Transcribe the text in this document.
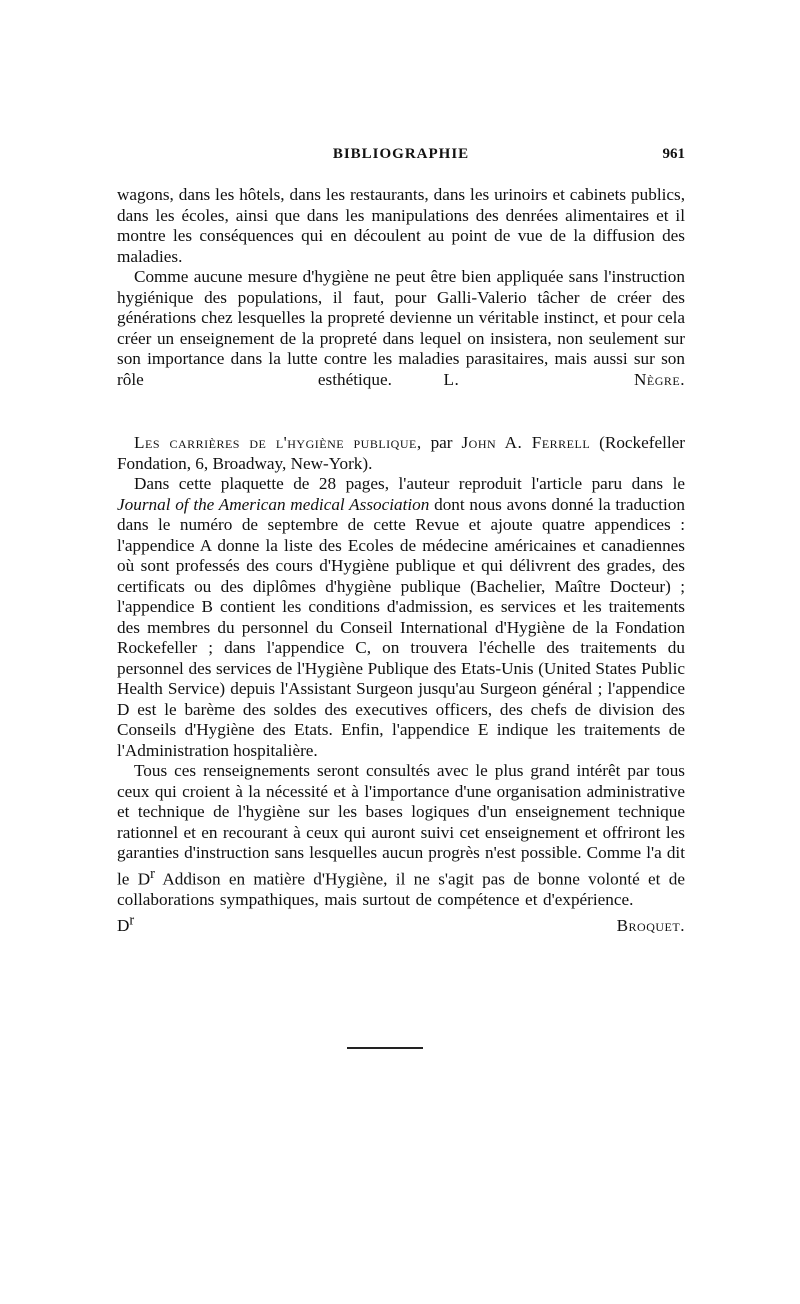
BIBLIOGRAPHIE	961

wagons, dans les hôtels, dans les restaurants, dans les urinoirs et cabinets publics, dans les écoles, ainsi que dans les manipulations des denrées alimentaires et il montre les conséquences qui en découlent au point de vue de la diffusion des maladies.

Comme aucune mesure d'hygiène ne peut être bien appliquée sans l'instruction hygiénique des populations, il faut, pour Galli-Valerio tâcher de créer des générations chez lesquelles la propreté devienne un véritable instinct, et pour cela créer un enseignement de la propreté dans lequel on insistera, non seulement sur son importance dans la lutte contre les maladies parasitaires, mais aussi sur son rôle esthétique.   	L. Nègre.

Les carrières de l'hygiène publique, par John A. Ferrell (Rockefeller Fondation, 6, Broadway, New-York).

Dans cette plaquette de 28 pages, l'auteur reproduit l'article paru dans le Journal of the American medical Association dont nous avons donné la traduction dans le numéro de septembre de cette Revue et ajoute quatre appendices : l'appendice A donne la liste des Ecoles de médecine américaines et canadiennes où sont professés des cours d'Hygiène publique et qui délivrent des grades, des certificats ou des diplômes d'hygiène publique (Bachelier, Maître Docteur) ; l'appendice B contient les conditions d'admission, es services et les traitements des membres du personnel du Conseil International d'Hygiène de la Fondation Rockefeller ; dans l'appendice C, on trouvera l'échelle des traitements du personnel des services de l'Hygiène Publique des Etats-Unis (United States Public Health Service) depuis l'Assistant Surgeon jusqu'au Surgeon général ; l'appendice D est le barème des soldes des executives officers, des chefs de division des Conseils d'Hygiène des Etats. Enfin, l'appendice E indique les traitements de l'Administration hospitalière.

Tous ces renseignements seront consultés avec le plus grand intérêt par tous ceux qui croient à la nécessité et à l'importance d'une organisation administrative et technique de l'hygiène sur les bases logiques d'un enseignement technique rationnel et en recourant à ceux qui auront suivi cet enseignement et offriront les garanties d'instruction sans lesquelles aucun progrès n'est possible. Comme l'a dit le $D^r$ Addison en matière d'Hygiène, il ne s'agit pas de bonne volonté et de collaborations sympathiques, mais surtout de compétence et d'expérience.   $D^r$	Broquet.
